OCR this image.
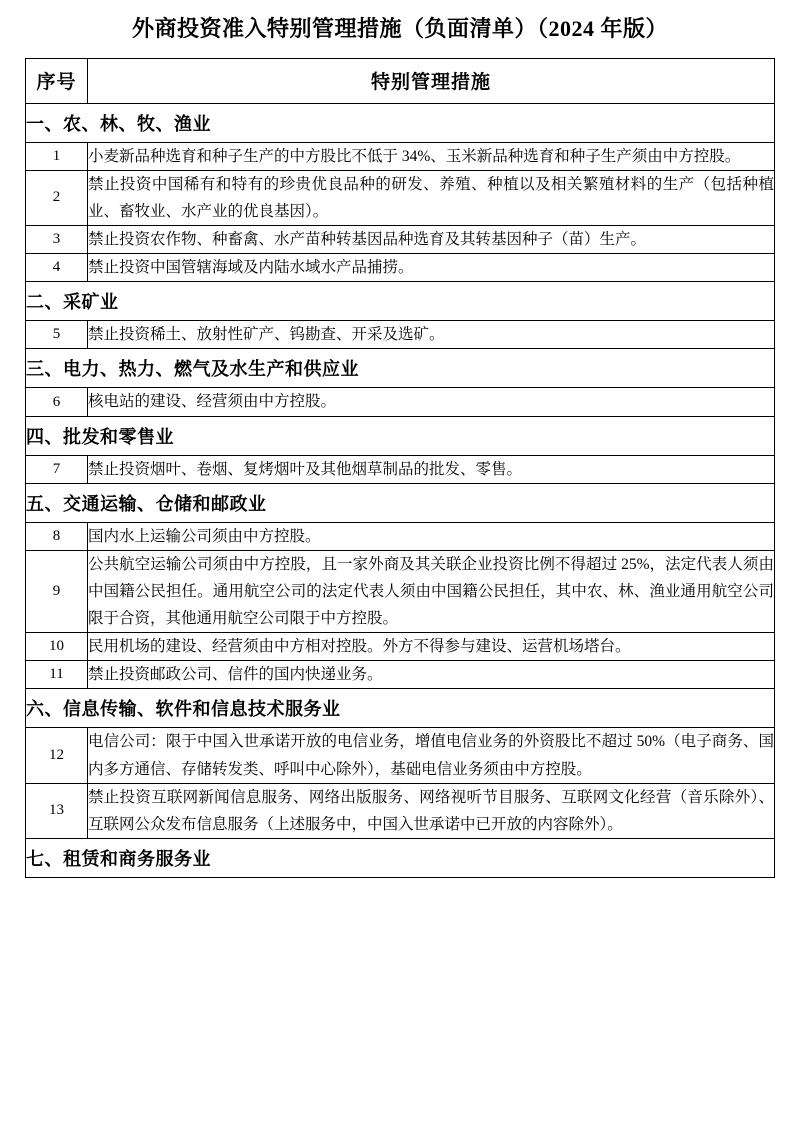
外商投资准入特别管理措施（负面清单）（2024 年版）
序号	特别管理措施
一、农、林、牧、渔业	
1	小麦新品种选育和种子生产的中方股比不低于 34%、玉米新品种选育和种子生产须由中方控股。
2	禁止投资中国稀有和特有的珍贵优良品种的研发、养殖、种植以及相关繁殖材料的生产（包括种植业、畜牧业、水产业的优良基因）。
3	禁止投资农作物、种畜禽、水产苗种转基因品种选育及其转基因种子（苗）生产。
4	禁止投资中国管辖海域及内陆水域水产品捕捞。
二、采矿业	
5	禁止投资稀土、放射性矿产、钨勘查、开采及选矿。
三、电力、热力、燃气及水生产和供应业	
6	核电站的建设、经营须由中方控股。
四、批发和零售业	
7	禁止投资烟叶、卷烟、复烤烟叶及其他烟草制品的批发、零售。
五、交通运输、仓储和邮政业	
8	国内水上运输公司须由中方控股。
9	公共航空运输公司须由中方控股，且一家外商及其关联企业投资比例不得超过 25%，法定代表人须由中国籍公民担任。通用航空公司的法定代表人须由中国籍公民担任，其中农、林、渔业通用航空公司限于合资，其他通用航空公司限于中方控股。
10	民用机场的建设、经营须由中方相对控股。外方不得参与建设、运营机场塔台。
11	禁止投资邮政公司、信件的国内快递业务。
六、信息传输、软件和信息技术服务业	
12	电信公司：限于中国入世承诺开放的电信业务，增值电信业务的外资股比不超过 50%（电子商务、国内多方通信、存储转发类、呼叫中心除外），基础电信业务须由中方控股。
13	禁止投资互联网新闻信息服务、网络出版服务、网络视听节目服务、互联网文化经营（音乐除外）、互联网公众发布信息服务（上述服务中，中国入世承诺中已开放的内容除外）。
七、租赁和商务服务业	
